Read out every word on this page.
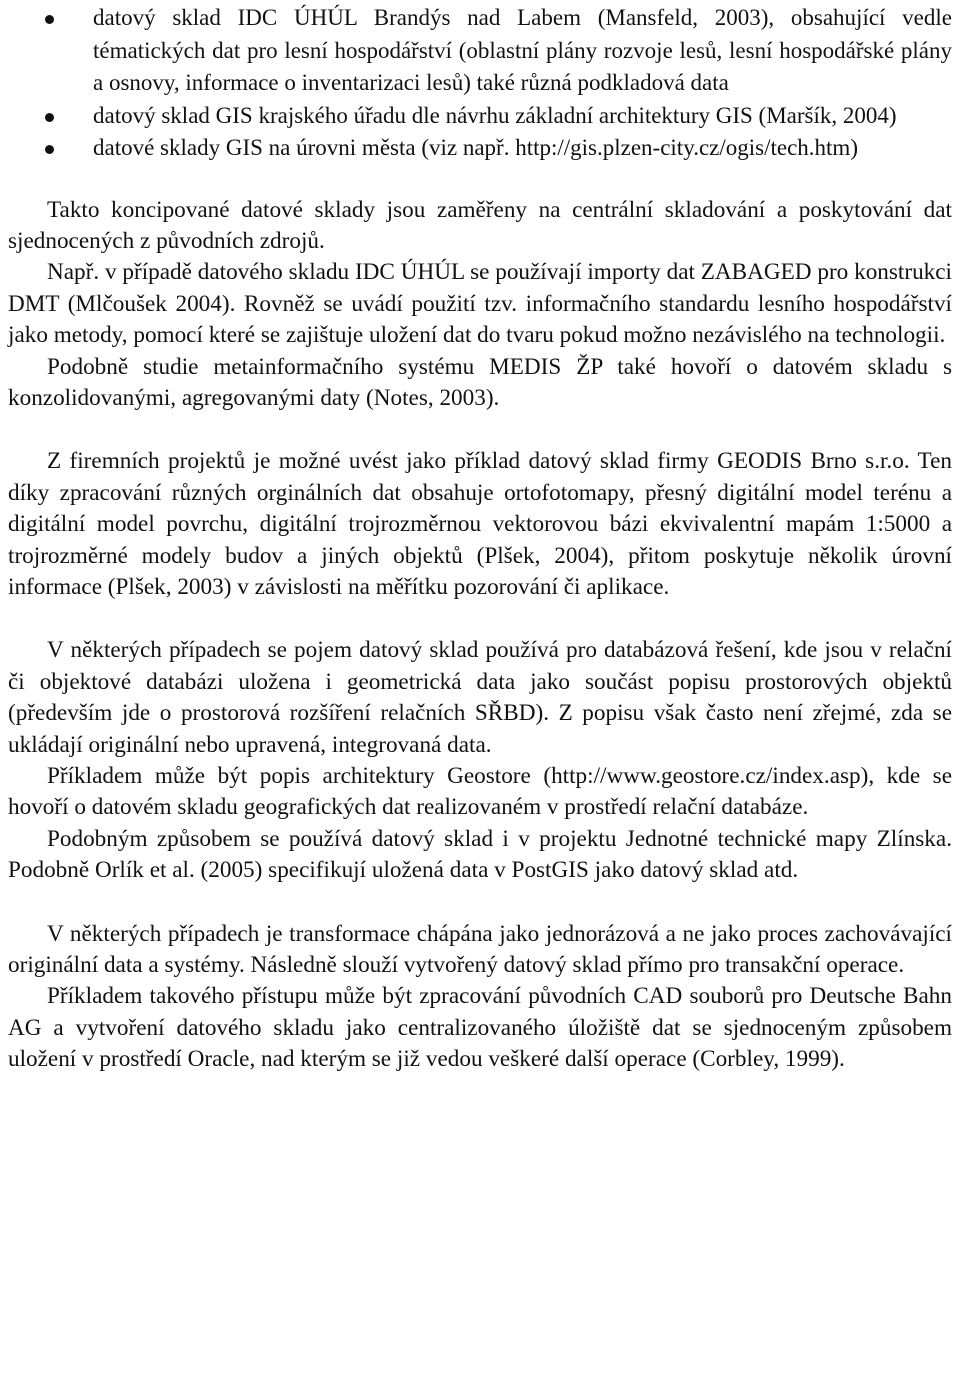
datový sklad IDC ÚHÚL Brandýs nad Labem (Mansfeld, 2003), obsahující vedle tématických dat pro lesní hospodářství (oblastní plány rozvoje lesů, lesní hospodářské plány a osnovy, informace o inventarizaci lesů) také různá podkladová data
datový sklad GIS krajského úřadu dle návrhu základní architektury GIS (Maršík, 2004)
datové sklady GIS na úrovni města (viz např. http://gis.plzen-city.cz/ogis/tech.htm)

Takto koncipované datové sklady jsou zaměřeny na centrální skladování a poskytování dat sjednocených z původních zdrojů.

Např. v případě datového skladu IDC ÚHÚL se používají importy dat ZABAGED pro konstrukci DMT (Mlčoušek 2004). Rovněž se uvádí použití tzv. informačního standardu lesního hospodářství jako metody, pomocí které se zajištuje uložení dat do tvaru pokud možno nezávislého na technologii.

Podobně studie metainformačního systému MEDIS ŽP také hovoří o datovém skladu s konzolidovanými, agregovanými daty (Notes, 2003).

Z firemních projektů je možné uvést jako příklad datový sklad firmy GEODIS Brno s.r.o. Ten díky zpracování různých orginálních dat obsahuje ortofotomapy, přesný digitální model terénu a digitální model povrchu, digitální trojrozměrnou vektorovou bázi ekvivalentní mapám 1:5000 a trojrozměrné modely budov a jiných objektů (Plšek, 2004), přitom poskytuje několik úrovní informace (Plšek, 2003) v závislosti na měřítku pozorování či aplikace.

V některých případech se pojem datový sklad používá pro databázová řešení, kde jsou v relační či objektové databázi uložena i geometrická data jako součást popisu prostorových objektů (především jde o prostorová rozšíření relačních SŘBD). Z popisu však často není zřejmé, zda se ukládají originální nebo upravená, integrovaná data.

Příkladem může být popis architektury Geostore (http://www.geostore.cz/index.asp), kde se hovoří o datovém skladu geografických dat realizovaném v prostředí relační databáze.

Podobným způsobem se používá datový sklad i v projektu Jednotné technické mapy Zlínska. Podobně Orlík et al. (2005) specifikují uložená data v PostGIS jako datový sklad atd.

V některých případech je transformace chápána jako jednorázová a ne jako proces zachovávající originální data a systémy. Následně slouží vytvořený datový sklad přímo pro transakční operace.

Příkladem takového přístupu může být zpracování původních CAD souborů pro Deutsche Bahn AG a vytvoření datového skladu jako centralizovaného úložiště dat se sjednoceným způsobem uložení v prostředí Oracle, nad kterým se již vedou veškeré další operace (Corbley, 1999).
